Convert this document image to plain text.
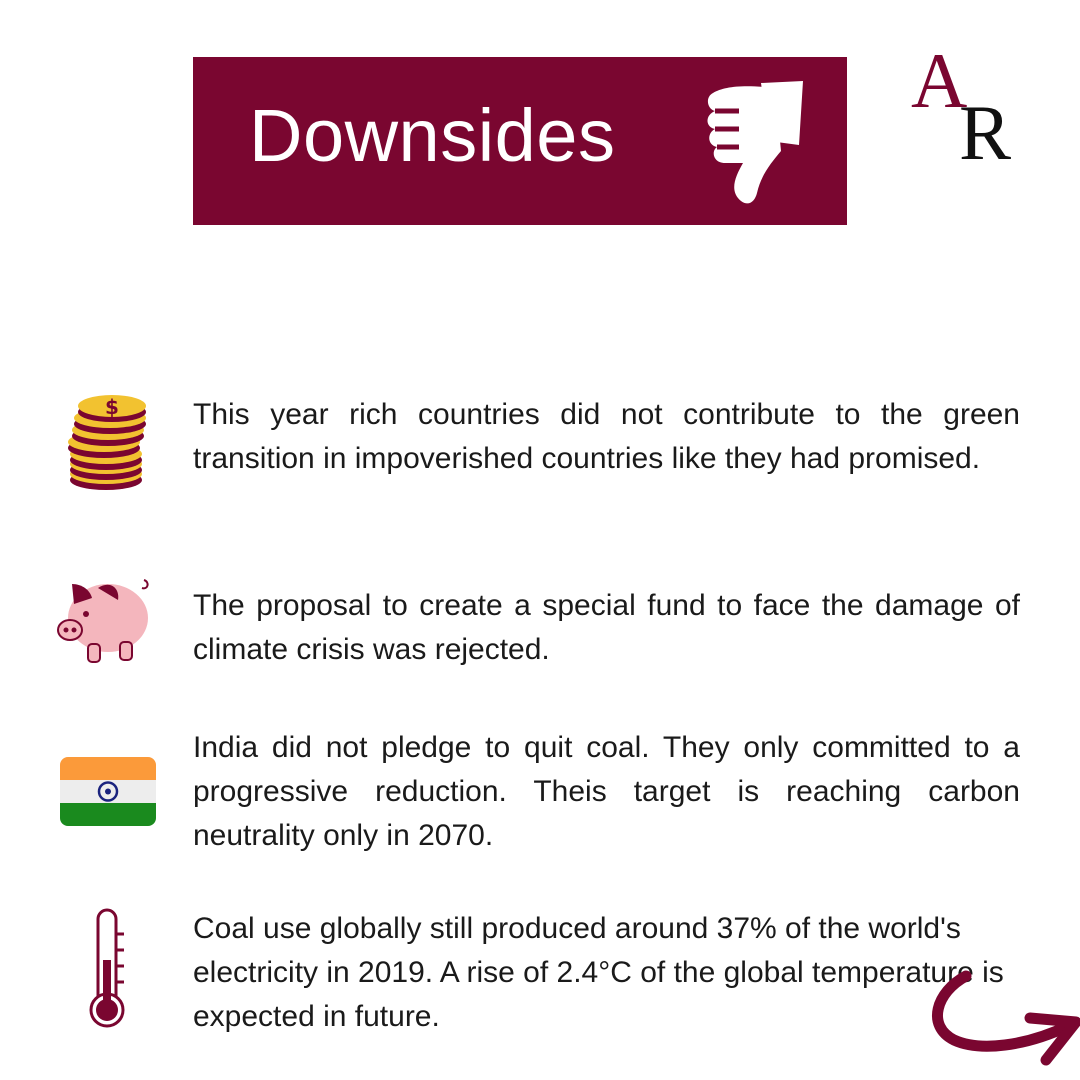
Downsides
A
R
$ This year rich countries did not contribute to the green transition in impoverished countries like they had promised.
The proposal to create a special fund to face the damage of climate crisis was rejected.
India did not pledge to quit coal. They only committed to a progressive reduction. Theis target is reaching carbon neutrality only in 2070.
Coal use globally still produced around 37% of the world's electricity in 2019. A rise of 2.4°C of the global temperature is expected in future.
